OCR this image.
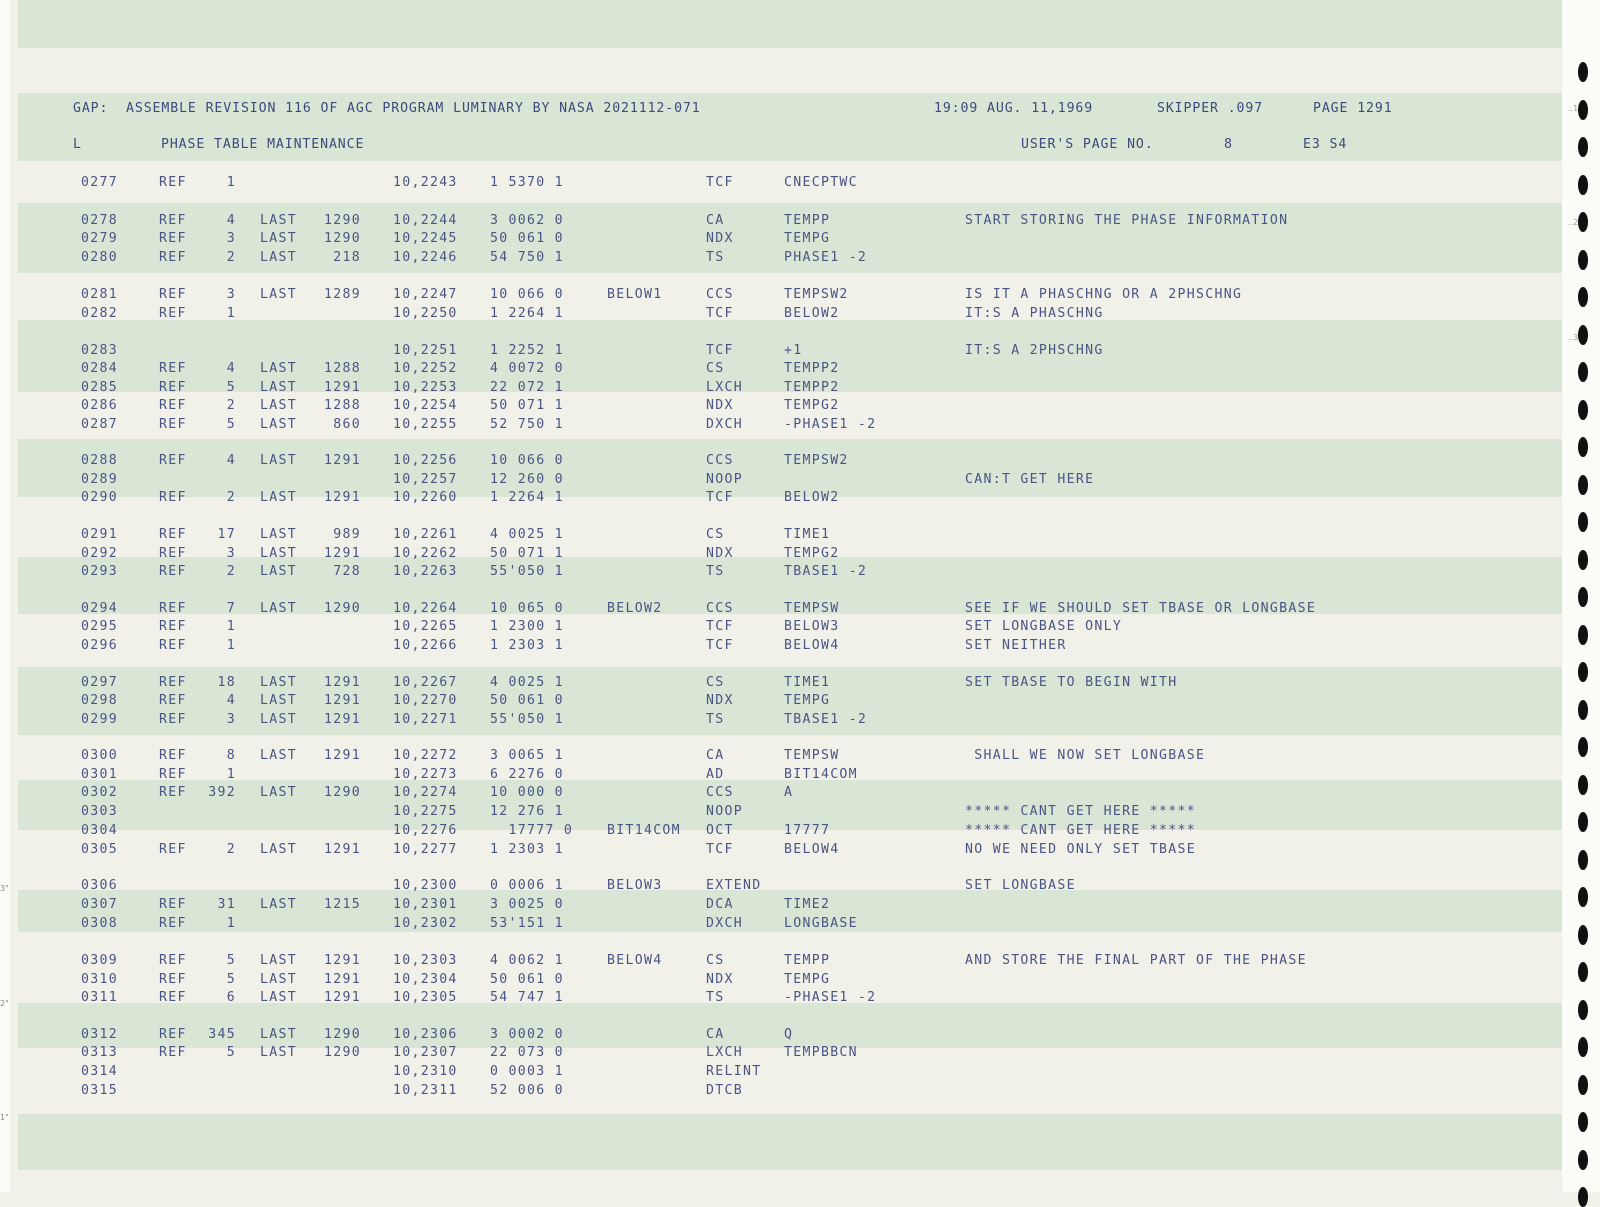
..1
..2
..3
3"
2"
1"
GAP:  ASSEMBLE REVISION 116 OF AGC PROGRAM LUMINARY BY NASA 2021112-071	19:09 AUG. 11,1969	SKIPPER .097	PAGE 1291
L	PHASE TABLE MAINTENANCE	USER'S PAGE NO.	8	E3 S4
0277	REF	1	10,2243 1 5370 1	TCF	CNECPTWC
0278	REF	4 LAST	1290 10,2244 3 0062 0	CA	TEMPP	START STORING THE PHASE INFORMATION
0279	REF	3 LAST	1290 10,2245 50 061 0	NDX	TEMPG
0280	REF	2 LAST	218 10,2246 54 750 1	TS	PHASE1 -2
0281	REF	3 LAST	1289 10,2247 10 066 0	BELOW1	CCS	TEMPSW2	IS IT A PHASCHNG OR A 2PHSCHNG
0282	REF	1	10,2250 1 2264 1	TCF	BELOW2	IT:S A PHASCHNG
0283	10,2251 1 2252 1	TCF	+1	IT:S A 2PHSCHNG
0284	REF	4 LAST	1288 10,2252 4 0072 0	CS	TEMPP2
0285	REF	5 LAST	1291 10,2253 22 072 1	LXCH	TEMPP2
0286	REF	2 LAST	1288 10,2254 50 071 1	NDX	TEMPG2
0287	REF	5 LAST	860 10,2255 52 750 1	DXCH	-PHASE1 -2
0288	REF	4 LAST	1291 10,2256 10 066 0	CCS	TEMPSW2
0289	10,2257 12 260 0	NOOP	CAN:T GET HERE
0290	REF	2 LAST	1291 10,2260 1 2264 1	TCF	BELOW2
0291	REF	17 LAST	989 10,2261 4 0025 1	CS	TIME1
0292	REF	3 LAST	1291 10,2262 50 071 1	NDX	TEMPG2
0293	REF	2 LAST	728 10,2263 55'050 1	TS	TBASE1 -2
0294	REF	7 LAST	1290 10,2264 10 065 0	BELOW2	CCS	TEMPSW	SEE IF WE SHOULD SET TBASE OR LONGBASE
0295	REF	1	10,2265 1 2300 1	TCF	BELOW3	SET LONGBASE ONLY
0296	REF	1	10,2266 1 2303 1	TCF	BELOW4	SET NEITHER
0297	REF	18 LAST	1291 10,2267 4 0025 1	CS	TIME1	SET TBASE TO BEGIN WITH
0298	REF	4 LAST	1291 10,2270 50 061 0	NDX	TEMPG
0299	REF	3 LAST	1291 10,2271 55'050 1	TS	TBASE1 -2
0300	REF	8 LAST	1291 10,2272 3 0065 1	CA	TEMPSW	SHALL WE NOW SET LONGBASE
0301	REF	1	10,2273 6 2276 0	AD	BIT14COM
0302	REF	392 LAST	1290 10,2274 10 000 0	CCS	A
0303	10,2275 12 276 1	NOOP	***** CANT GET HERE *****
0304	10,2276 17777 0	BIT14COM OCT	17777	***** CANT GET HERE *****
0305	REF	2 LAST	1291 10,2277 1 2303 1	TCF	BELOW4	NO WE NEED ONLY SET TBASE
0306	10,2300 0 0006 1	BELOW3	EXTEND	SET LONGBASE
0307	REF	31 LAST	1215 10,2301 3 0025 0	DCA	TIME2
0308	REF	1	10,2302 53'151 1	DXCH	LONGBASE
0309	REF	5 LAST	1291 10,2303 4 0062 1	BELOW4	CS	TEMPP	AND STORE THE FINAL PART OF THE PHASE
0310	REF	5 LAST	1291 10,2304 50 061 0	NDX	TEMPG
0311	REF	6 LAST	1291 10,2305 54 747 1	TS	-PHASE1 -2
0312	REF	345 LAST	1290 10,2306 3 0002 0	CA	Q
0313	REF	5 LAST	1290 10,2307 22 073 0	LXCH	TEMPBBCN
0314	10,2310 0 0003 1	RELINT
0315	10,2311 52 006 0	DTCB
